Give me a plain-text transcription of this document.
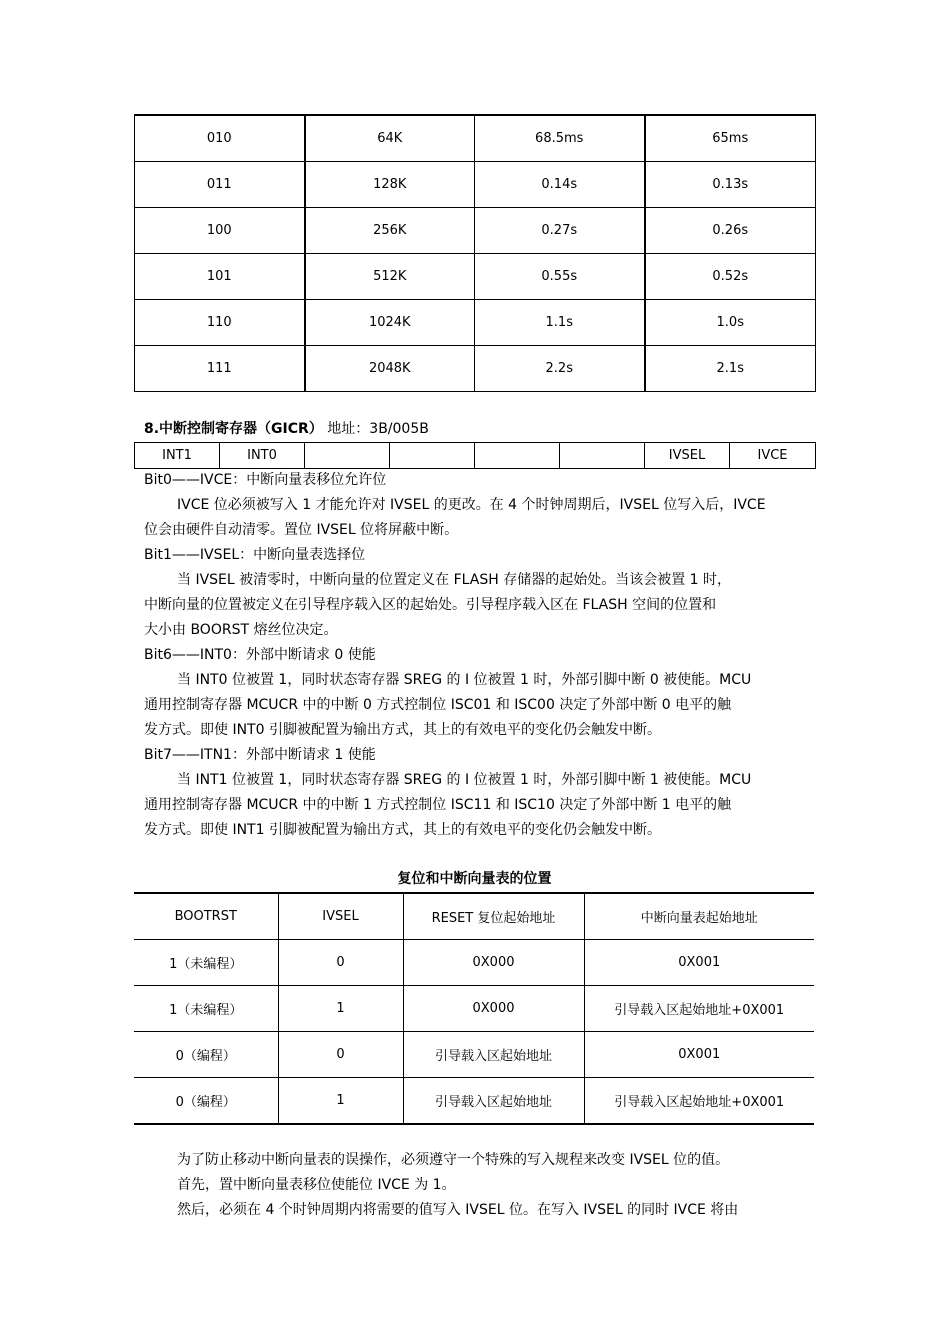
010	64K	68.5ms	65ms
011	128K	0.14s	0.13s
100	256K	0.27s	0.26s
101	512K	0.55s	0.52s
110	1024K	1.1s	1.0s
111	2048K	2.2s	2.1s
8.中断控制寄存器（GICR） 地址：3B/005B
INT1	INT0					IVSEL	IVCE
Bit0——IVCE：中断向量表移位允许位
IVCE 位必须被写入 1 才能允许对 IVSEL 的更改。在 4 个时钟周期后，IVSEL 位写入后，IVCE
位会由硬件自动清零。置位 IVSEL 位将屏蔽中断。
Bit1——IVSEL：中断向量表选择位
当 IVSEL 被清零时，中断向量的位置定义在 FLASH 存储器的起始处。当该会被置 1 时，
中断向量的位置被定义在引导程序载入区的起始处。引导程序载入区在 FLASH 空间的位置和
大小由 BOORST 熔丝位决定。
Bit6——INT0：外部中断请求 0 使能
当 INT0 位被置 1，同时状态寄存器 SREG 的 I 位被置 1 时，外部引脚中断 0 被使能。MCU
通用控制寄存器 MCUCR 中的中断 0 方式控制位 ISC01 和 ISC00 决定了外部中断 0 电平的触
发方式。即使 INT0 引脚被配置为输出方式，其上的有效电平的变化仍会触发中断。
Bit7——ITN1：外部中断请求 1 使能
当 INT1 位被置 1，同时状态寄存器 SREG 的 I 位被置 1 时，外部引脚中断 1 被使能。MCU
通用控制寄存器 MCUCR 中的中断 1 方式控制位 ISC11 和 ISC10 决定了外部中断 1 电平的触
发方式。即使 INT1 引脚被配置为输出方式，其上的有效电平的变化仍会触发中断。
复位和中断向量表的位置
BOOTRST	IVSEL	RESET 复位起始地址	中断向量表起始地址
1（未编程）	0	0X000	0X001
1（未编程）	1	0X000	引导载入区起始地址+0X001
0（编程）	0	引导载入区起始地址	0X001
0（编程）	1	引导载入区起始地址	引导载入区起始地址+0X001
为了防止移动中断向量表的误操作，必须遵守一个特殊的写入规程来改变 IVSEL 位的值。
首先，置中断向量表移位使能位 IVCE 为 1。
然后，必须在 4 个时钟周期内将需要的值写入 IVSEL 位。在写入 IVSEL 的同时 IVCE 将由
